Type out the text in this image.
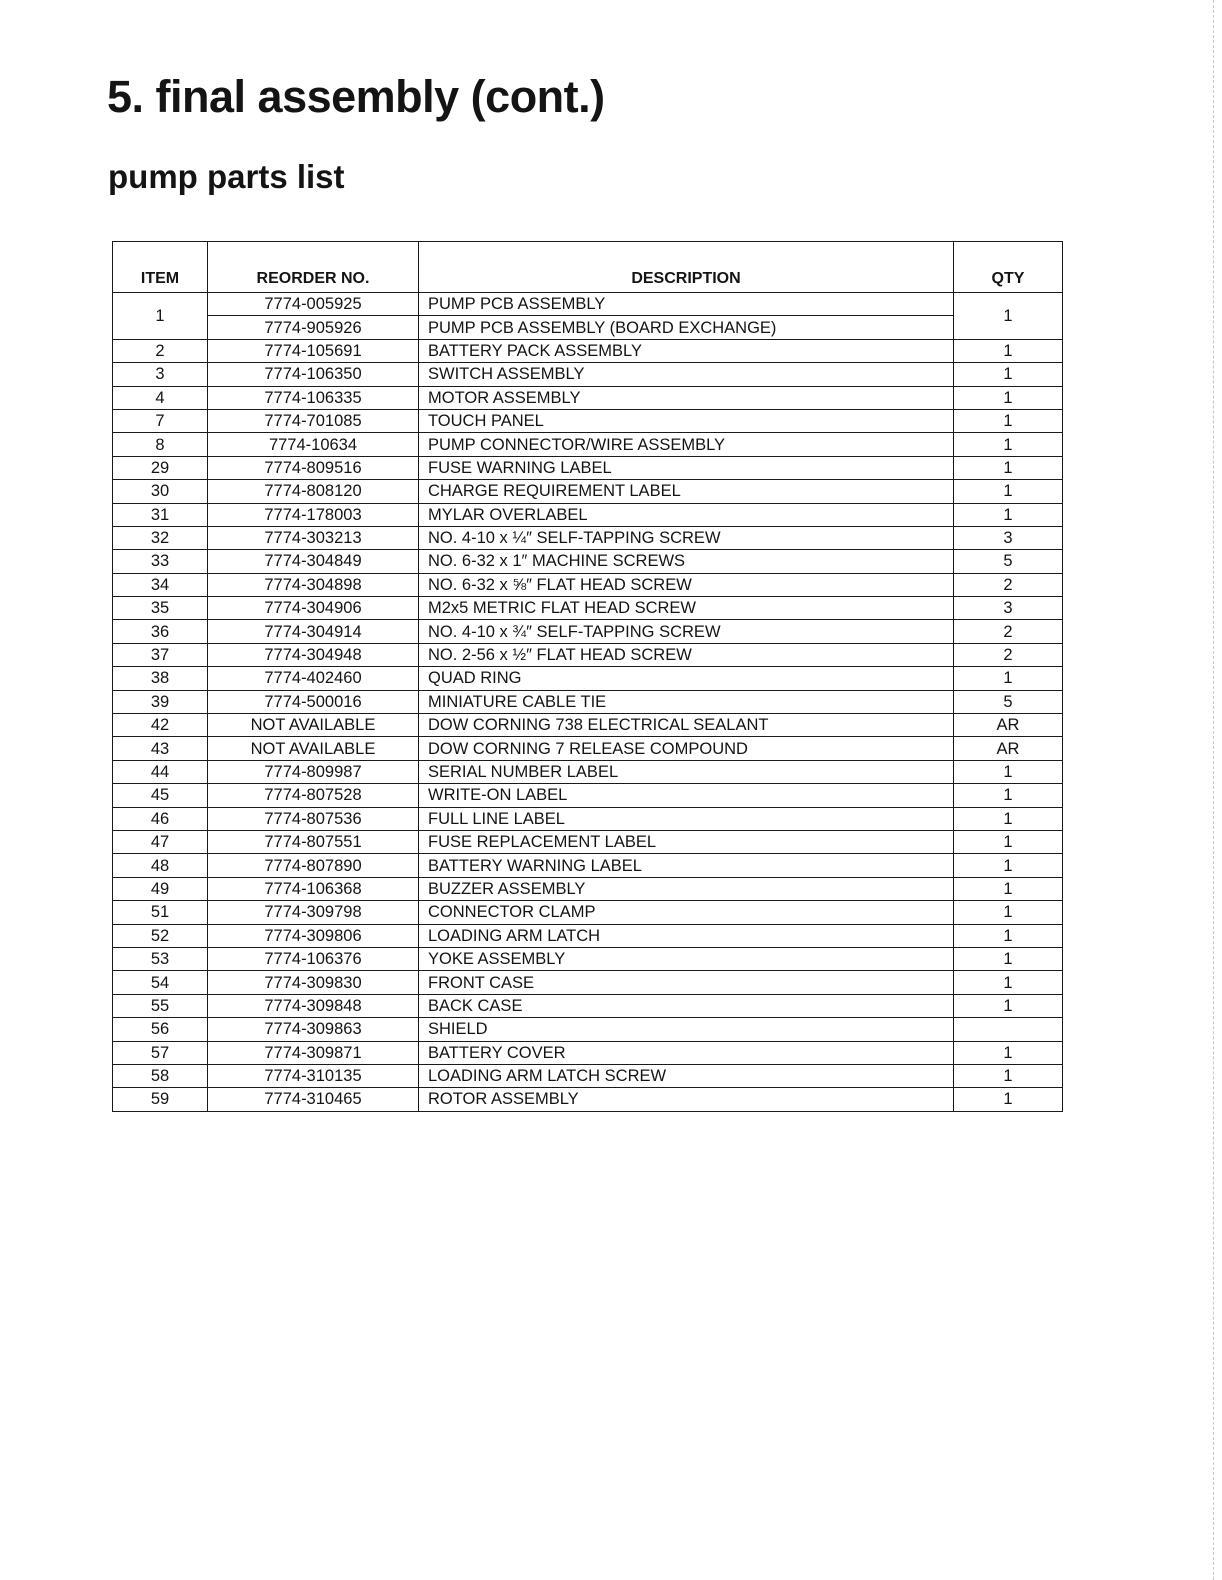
5. final assembly (cont.)
pump parts list
ITEM	REORDER NO.	DESCRIPTION	QTY
1	7774-005925	PUMP PCB ASSEMBLY	1
	7774-905926	PUMP PCB ASSEMBLY (BOARD EXCHANGE)	
2	7774-105691	BATTERY PACK ASSEMBLY	1
3	7774-106350	SWITCH ASSEMBLY	1
4	7774-106335	MOTOR ASSEMBLY	1
7	7774-701085	TOUCH PANEL	1
8	7774-10634	PUMP CONNECTOR/WIRE ASSEMBLY	1
29	7774-809516	FUSE WARNING LABEL	1
30	7774-808120	CHARGE REQUIREMENT LABEL	1
31	7774-178003	MYLAR OVERLABEL	1
32	7774-303213	NO. 4-10 x ¼″ SELF-TAPPING SCREW	3
33	7774-304849	NO. 6-32 x 1″ MACHINE SCREWS	5
34	7774-304898	NO. 6-32 x ⅝″ FLAT HEAD SCREW	2
35	7774-304906	M2x5 METRIC FLAT HEAD SCREW	3
36	7774-304914	NO. 4-10 x ¾″ SELF-TAPPING SCREW	2
37	7774-304948	NO. 2-56 x ½″ FLAT HEAD SCREW	2
38	7774-402460	QUAD RING	1
39	7774-500016	MINIATURE CABLE TIE	5
42	NOT AVAILABLE	DOW CORNING 738 ELECTRICAL SEALANT	AR
43	NOT AVAILABLE	DOW CORNING 7 RELEASE COMPOUND	AR
44	7774-809987	SERIAL NUMBER LABEL	1
45	7774-807528	WRITE-ON LABEL	1
46	7774-807536	FULL LINE LABEL	1
47	7774-807551	FUSE REPLACEMENT LABEL	1
48	7774-807890	BATTERY WARNING LABEL	1
49	7774-106368	BUZZER ASSEMBLY	1
51	7774-309798	CONNECTOR CLAMP	1
52	7774-309806	LOADING ARM LATCH	1
53	7774-106376	YOKE ASSEMBLY	1
54	7774-309830	FRONT CASE	1
55	7774-309848	BACK CASE	1
56	7774-309863	SHIELD	
57	7774-309871	BATTERY COVER	1
58	7774-310135	LOADING ARM LATCH SCREW	1
59	7774-310465	ROTOR ASSEMBLY	1
